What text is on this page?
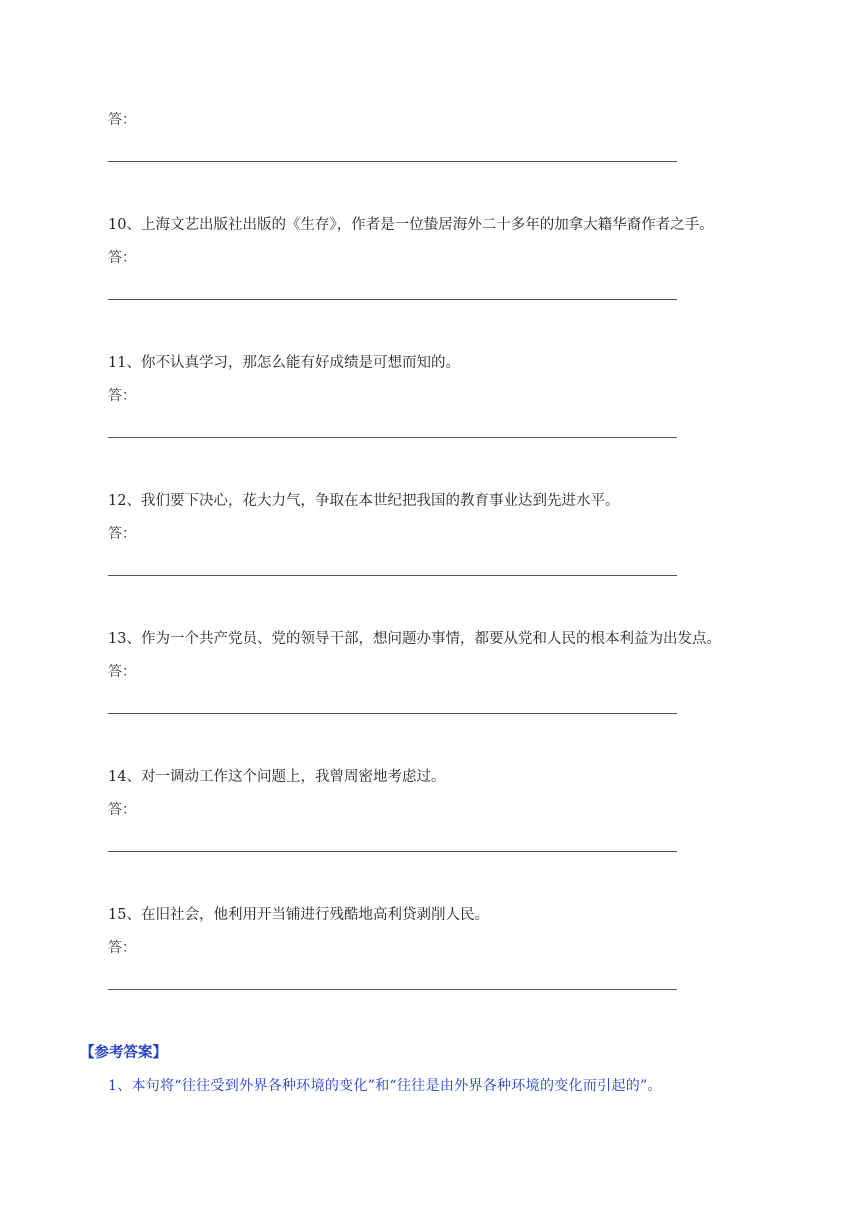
答：
10、上海文艺出版社出版的《生存》，作者是一位蛰居海外二十多年的加拿大籍华裔作者之手。
答：
11、你不认真学习，那怎么能有好成绩是可想而知的。
答：
12、我们要下决心，花大力气，争取在本世纪把我国的教育事业达到先进水平。
答：
13、作为一个共产党员、党的领导干部，想问题办事情，都要从党和人民的根本利益为出发点。
答：
14、对一调动工作这个问题上，我曾周密地考虑过。
答：
15、在旧社会，他利用开当铺进行残酷地高利贷剥削人民。
答：
【参考答案】
1、本句将“往往受到外界各种环境的变化”和“往往是由外界各种环境的变化而引起的”。
